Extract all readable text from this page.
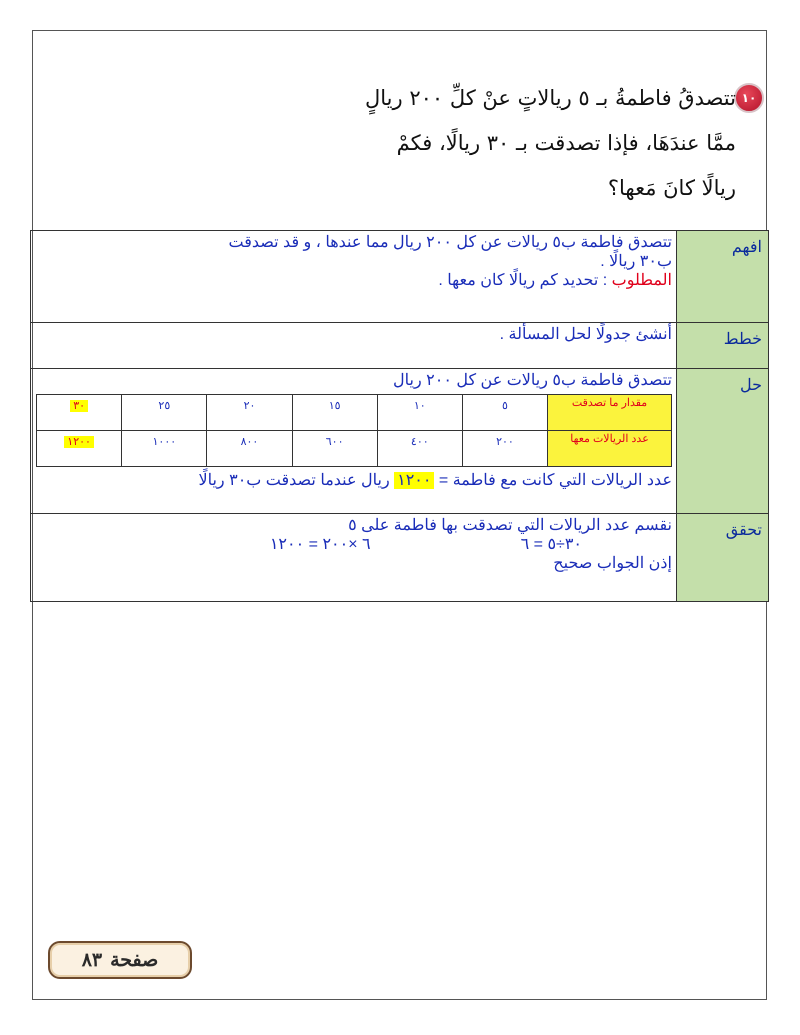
١٠
تتصدقُ فاطمةُ بـ ٥ ريالاتٍ عنْ كلِّ ٢٠٠ ريالٍ
ممَّا عندَهَا، فإذا تصدقت بـ ٣٠ ريالًا، فكمْ
ريالًا كانَ مَعها؟
افهم	
تتصدق فاطمة ب٥ ريالات عن كل ٢٠٠ ريال مما عندها ، و قد تصدقت
ب٣٠ ريالًا .
المطلوب : تحديد كم ريالًا كان معها .

خطط	
أنشئ جدولًا لحل المسألة .

حل	
تتصدق فاطمة ب٥ ريالات عن كل ٢٠٠ ريال
مقدار ما تصدقت	٥	١٠	١٥	٢٠	٢٥	٣٠
عدد الريالات معها	٢٠٠	٤٠٠	٦٠٠	٨٠٠	١٠٠٠	١٢٠٠
عدد الريالات التي كانت مع فاطمة = ١٢٠٠ ريال عندما تصدقت ب٣٠ ريالًا

تحقق	
نقسم عدد الريالات التي تصدقت بها فاطمة على ٥
٣٠÷٥ = ٦
٦ ×٢٠٠ = ١٢٠٠
إذن الجواب صحيح
صفحة
٨٣
